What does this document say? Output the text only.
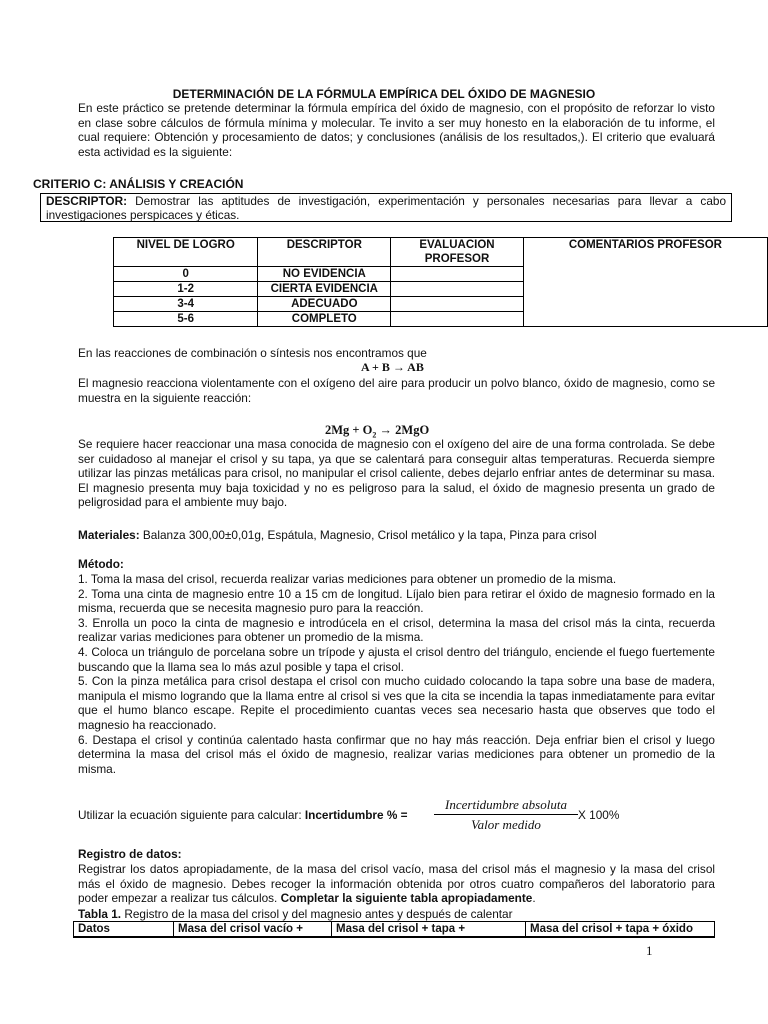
DETERMINACIÓN DE LA FÓRMULA EMPÍRICA DEL ÓXIDO DE MAGNESIO

En este práctico se pretende determinar la fórmula empírica del óxido de magnesio, con el propósito de reforzar lo visto en clase sobre cálculos de fórmula mínima y molecular. Te invito a ser muy honesto en la elaboración de tu informe, el cual requiere: Obtención y procesamiento de datos; y conclusiones (análisis de los resultados,). El criterio que evaluará esta actividad es la siguiente:

CRITERIO C: ANÁLISIS Y CREACIÓN
DESCRIPTOR: Demostrar las aptitudes de investigación, experimentación y personales necesarias para llevar a cabo investigaciones perspicaces y éticas.
NIVEL DE LOGRO	DESCRIPTOR	EVALUACION PROFESOR	COMENTARIOS PROFESOR
0	NO EVIDENCIA		
1-2	CIERTA EVIDENCIA		
3-4	ADECUADO		
5-6	COMPLETO		
En las reacciones de combinación o síntesis nos encontramos que
A + B → AB
El magnesio reacciona violentamente con el oxígeno del aire para producir un polvo blanco, óxido de magnesio, como se muestra en la siguiente reacción:
$2Mg + O_2 \to 2MgO$
Se requiere hacer reaccionar una masa conocida de magnesio con el oxígeno del aire de una forma controlada. Se debe ser cuidadoso al manejar el crisol y su tapa, ya que se calentará para conseguir altas temperaturas. Recuerda siempre utilizar las pinzas metálicas para crisol, no manipular el crisol caliente, debes dejarlo enfriar antes de determinar su masa. El magnesio presenta muy baja toxicidad y no es peligroso para la salud, el óxido de magnesio presenta un grado de peligrosidad para el ambiente muy bajo.
Materiales: Balanza 300,00±0,01g, Espátula, Magnesio, Crisol metálico y la tapa, Pinza para crisol
Método:

1. Toma la masa del crisol, recuerda realizar varias mediciones para obtener un promedio de la misma.

2. Toma una cinta de magnesio entre 10 a 15 cm de longitud. Líjalo bien para retirar el óxido de magnesio formado en la misma, recuerda que se necesita magnesio puro para la reacción.

3. Enrolla un poco la cinta de magnesio e introdúcela en el crisol, determina la masa del crisol más la cinta, recuerda realizar varias mediciones para obtener un promedio de la misma.

4. Coloca un triángulo de porcelana sobre un trípode y ajusta el crisol dentro del triángulo, enciende el fuego fuertemente buscando que la llama sea lo más azul posible y tapa el crisol.

5. Con la pinza metálica para crisol destapa el crisol con mucho cuidado colocando la tapa sobre una base de madera, manipula el mismo logrando que la llama entre al crisol si ves que la cita se incendia la tapas inmediatamente para evitar que el humo blanco escape. Repite el procedimiento cuantas veces sea necesario hasta que observes que todo el magnesio ha reaccionado.

6. Destapa el crisol y continúa calentado hasta confirmar que no hay más reacción. Deja enfriar bien el crisol y luego determina la masa del crisol más el óxido de magnesio, realizar varias mediciones para obtener un promedio de la misma.

Utilizar la ecuación siguiente para calcular: Incertidumbre % =
Incertidumbre absoluta
Valor medido
X 100%
Registro de datos:
Registrar los datos apropiadamente, de la masa del crisol vacío, masa del crisol más el magnesio y la masa del crisol más el óxido de magnesio. Debes recoger la información obtenida por otros cuatro compañeros del laboratorio para poder empezar a realizar tus cálculos. Completar la siguiente tabla apropiadamente.
Tabla 1. Registro de la masa del crisol y del magnesio antes y después de calentar
Datos	Masa del crisol vacío +	Masa del crisol + tapa +	Masa del crisol + tapa + óxido
1
